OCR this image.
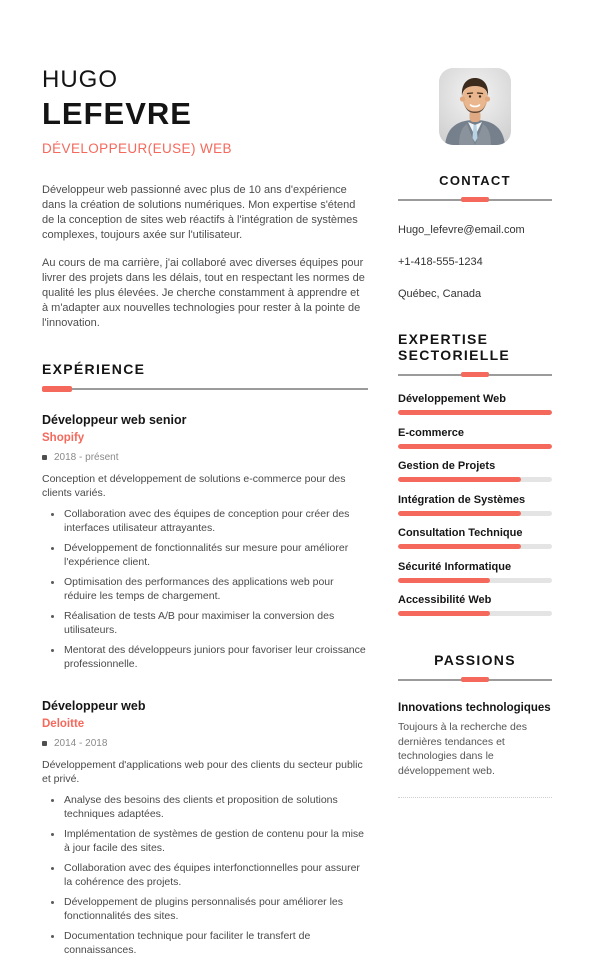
HUGO
LEFEVRE
DÉVELOPPEUR(EUSE) WEB

Développeur web passionné avec plus de 10 ans d'expérience dans la création de solutions numériques. Mon expertise s'étend de la conception de sites web réactifs à l'intégration de systèmes complexes, toujours axée sur l'utilisateur.

Au cours de ma carrière, j'ai collaboré avec diverses équipes pour livrer des projets dans les délais, tout en respectant les normes de qualité les plus élevées. Je cherche constamment à apprendre et à m'adapter aux nouvelles technologies pour rester à la pointe de l'innovation.

EXPÉRIENCE
Développeur web senior
Shopify
2018 - présent
Conception et développement de solutions e-commerce pour des clients variés.
Collaboration avec des équipes de conception pour créer des interfaces utilisateur attrayantes.
Développement de fonctionnalités sur mesure pour améliorer l'expérience client.
Optimisation des performances des applications web pour réduire les temps de chargement.
Réalisation de tests A/B pour maximiser la conversion des utilisateurs.
Mentorat des développeurs juniors pour favoriser leur croissance professionnelle.
Développeur web
Deloitte
2014 - 2018
Développement d'applications web pour des clients du secteur public et privé.
Analyse des besoins des clients et proposition de solutions techniques adaptées.
Implémentation de systèmes de gestion de contenu pour la mise à jour facile des sites.
Collaboration avec des équipes interfonctionnelles pour assurer la cohérence des projets.
Développement de plugins personnalisés pour améliorer les fonctionnalités des sites.
Documentation technique pour faciliter le transfert de connaissances.
CONTACT
Hugo_lefevre@email.com
+1-418-555-1234
Québec, Canada
EXPERTISE SECTORIELLE
Développement Web
E-commerce
Gestion de Projets
Intégration de Systèmes
Consultation Technique
Sécurité Informatique
Accessibilité Web
PASSIONS
Innovations technologiques
Toujours à la recherche des dernières tendances et technologies dans le développement web.
